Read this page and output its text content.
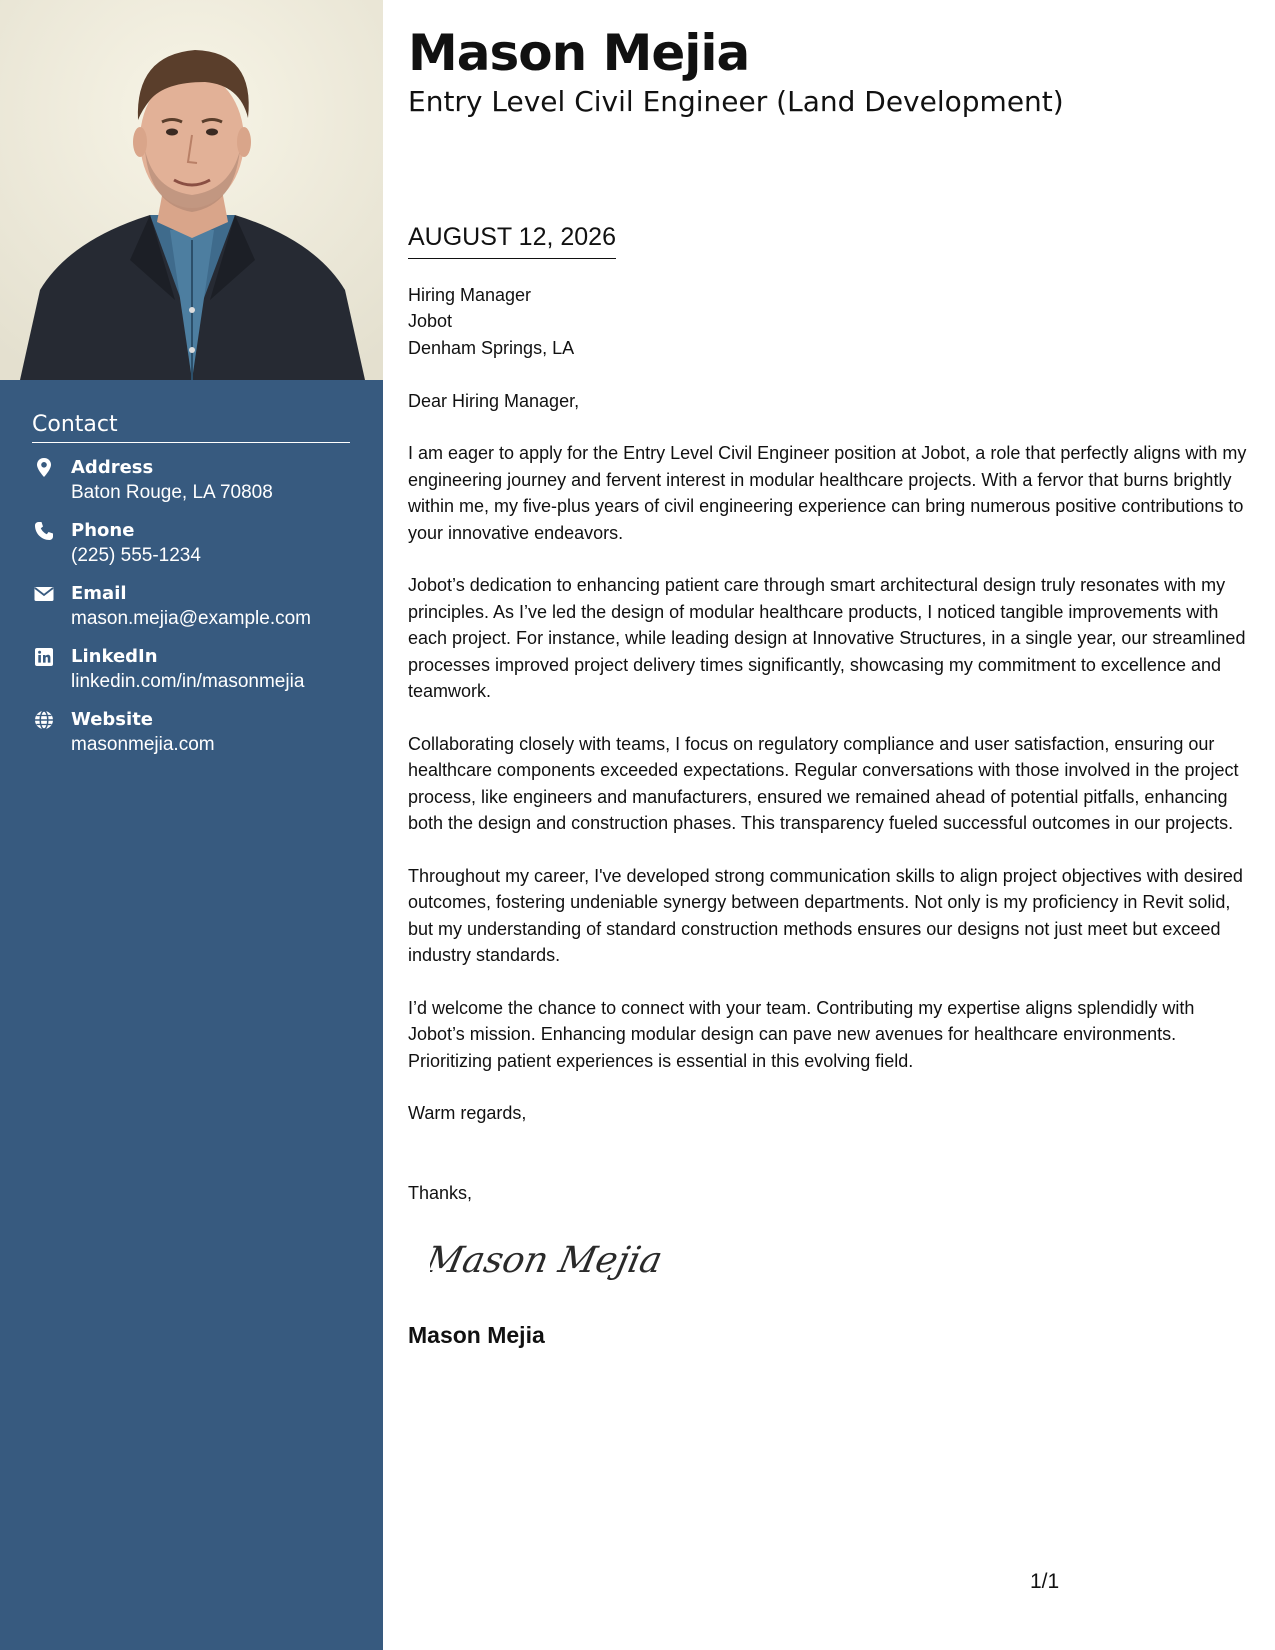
Contact
Address
Baton Rouge, LA 70808
Phone
(225) 555-1234
Email
mason.mejia@example.com
LinkedIn
linkedin.com/in/masonmejia
Website
masonmejia.com
Mason Mejia
Entry Level Civil Engineer (Land Development)
AUGUST 12, 2026

Hiring Manager
Jobot
Denham Springs, LA

Dear Hiring Manager,

I am eager to apply for the Entry Level Civil Engineer position at Jobot, a role that perfectly aligns with my engineering journey and fervent interest in modular healthcare projects. With a fervor that burns brightly within me, my five-plus years of civil engineering experience can bring numerous positive contributions to your innovative endeavors.

Jobot’s dedication to enhancing patient care through smart architectural design truly resonates with my principles. As I’ve led the design of modular healthcare products, I noticed tangible improvements with each project. For instance, while leading design at Innovative Structures, in a single year, our streamlined processes improved project delivery times significantly, showcasing my commitment to excellence and teamwork.

Collaborating closely with teams, I focus on regulatory compliance and user satisfaction, ensuring our healthcare components exceeded expectations. Regular conversations with those involved in the project process, like engineers and manufacturers, ensured we remained ahead of potential pitfalls, enhancing both the design and construction phases. This transparency fueled successful outcomes in our projects.

Throughout my career, I've developed strong communication skills to align project objectives with desired outcomes, fostering undeniable synergy between departments. Not only is my proficiency in Revit solid, but my understanding of standard construction methods ensures our designs not just meet but exceed industry standards.

I’d welcome the chance to connect with your team. Contributing my expertise aligns splendidly with Jobot’s mission. Enhancing modular design can pave new avenues for healthcare environments. Prioritizing patient experiences is essential in this evolving field.

Warm regards,

Thanks,

Mason Mejia
Mason Mejia
1/1
